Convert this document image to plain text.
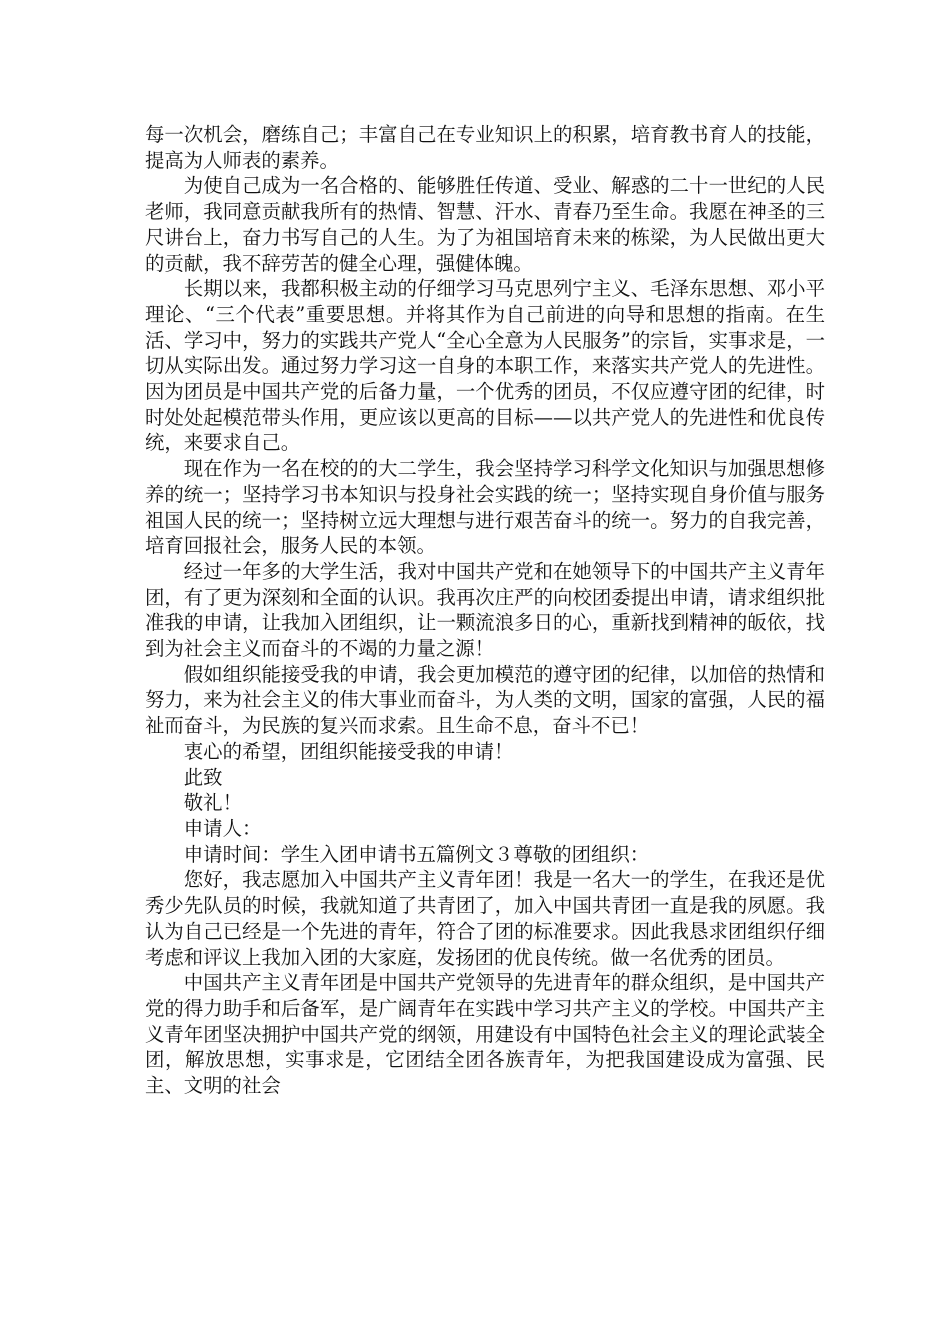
每一次机会，磨练自己；丰富自己在专业知识上的积累，培育教书育人的技能，提高为人师表的素养。

为使自己成为一名合格的、能够胜任传道、受业、解惑的二十一世纪的人民老师，我同意贡献我所有的热情、智慧、汗水、青春乃至生命。我愿在神圣的三尺讲台上，奋力书写自己的人生。为了为祖国培育未来的栋梁，为人民做出更大的贡献，我不辞劳苦的健全心理，强健体魄。

长期以来，我都积极主动的仔细学习马克思列宁主义、毛泽东思想、邓小平理论、“三个代表”重要思想。并将其作为自己前进的向导和思想的指南。在生活、学习中，努力的实践共产党人“全心全意为人民服务”的宗旨，实事求是，一切从实际出发。通过努力学习这一自身的本职工作，来落实共产党人的先进性。因为团员是中国共产党的后备力量，一个优秀的团员，不仅应遵守团的纪律，时时处处起模范带头作用，更应该以更高的目标——以共产党人的先进性和优良传统，来要求自己。

现在作为一名在校的的大二学生，我会坚持学习科学文化知识与加强思想修养的统一；坚持学习书本知识与投身社会实践的统一；坚持实现自身价值与服务祖国人民的统一；坚持树立远大理想与进行艰苦奋斗的统一。努力的自我完善，培育回报社会，服务人民的本领。

经过一年多的大学生活，我对中国共产党和在她领导下的中国共产主义青年团，有了更为深刻和全面的认识。我再次庄严的向校团委提出申请，请求组织批准我的申请，让我加入团组织，让一颗流浪多日的心，重新找到精神的皈依，找到为社会主义而奋斗的不竭的力量之源！

假如组织能接受我的申请，我会更加模范的遵守团的纪律，以加倍的热情和努力，来为社会主义的伟大事业而奋斗，为人类的文明，国家的富强，人民的福祉而奋斗，为民族的复兴而求索。且生命不息，奋斗不已！

衷心的希望，团组织能接受我的申请！

此致

敬礼！

申请人：

申请时间：学生入团申请书五篇例文３尊敬的团组织：

您好，我志愿加入中国共产主义青年团！我是一名大一的学生，在我还是优秀少先队员的时候，我就知道了共青团了，加入中国共青团一直是我的夙愿。我认为自己已经是一个先进的青年，符合了团的标准要求。因此我恳求团组织仔细考虑和评议上我加入团的大家庭，发扬团的优良传统。做一名优秀的团员。

中国共产主义青年团是中国共产党领导的先进青年的群众组织，是中国共产党的得力助手和后备军，是广阔青年在实践中学习共产主义的学校。中国共产主义青年团坚决拥护中国共产党的纲领，用建设有中国特色社会主义的理论武装全团，解放思想，实事求是，它团结全团各族青年，为把我国建设成为富强、民主、文明的社会
